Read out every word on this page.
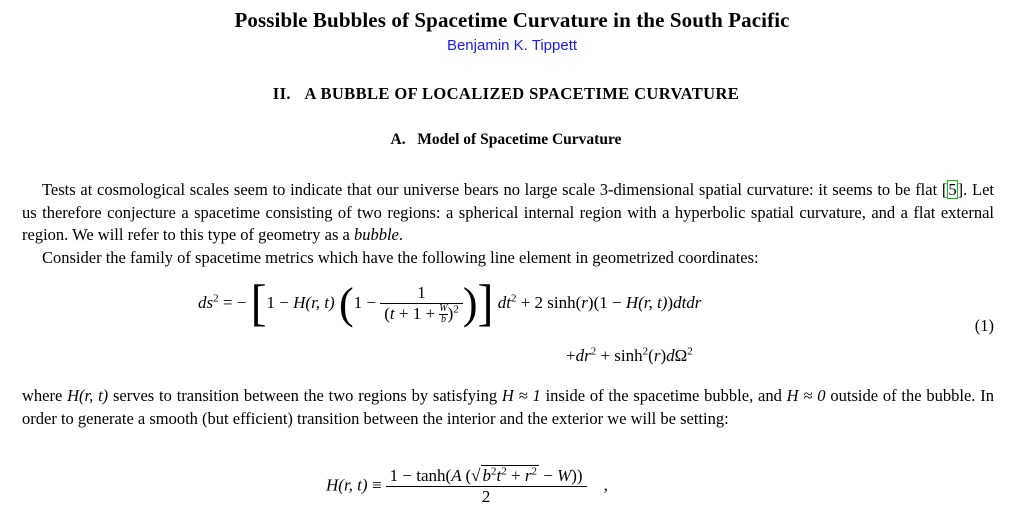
Possible Bubbles of Spacetime Curvature in the South Pacific
Benjamin K. Tippett
II. A BUBBLE OF LOCALIZED SPACETIME CURVATURE
A. Model of Spacetime Curvature
Tests at cosmological scales seem to indicate that our universe bears no large scale 3-dimensional spatial curvature: it seems to be flat [5]. Let us therefore conjecture a spacetime consisting of two regions: a spherical internal region with a hyperbolic spatial curvature, and a flat external region. We will refer to this type of geometry as a bubble.
Consider the family of spacetime metrics which have the following line element in geometrized coordinates:
$ds^2$ = − [1 − H(r, t) ($1 - \frac{1}{(t + 1 + \frac{W}{b} )^2}$ )] $dt^2 + 2$ sinh(r)(1 − H(r, t))dtdr
(1)
$+dr^2 + \sinh^2(r)d\Omega^2$
where H(r, t) serves to transition between the two regions by satisfying H ≈ 1 inside of the spacetime bubble, and H ≈ 0 outside of the bubble. In order to generate a smooth (but efficient) transition between the interior and the exterior we will be setting:
H(r, $t) \equiv \frac{1 - \tanh(A (√ b^2t^2 + r^2 - W))}{2}$ ,
